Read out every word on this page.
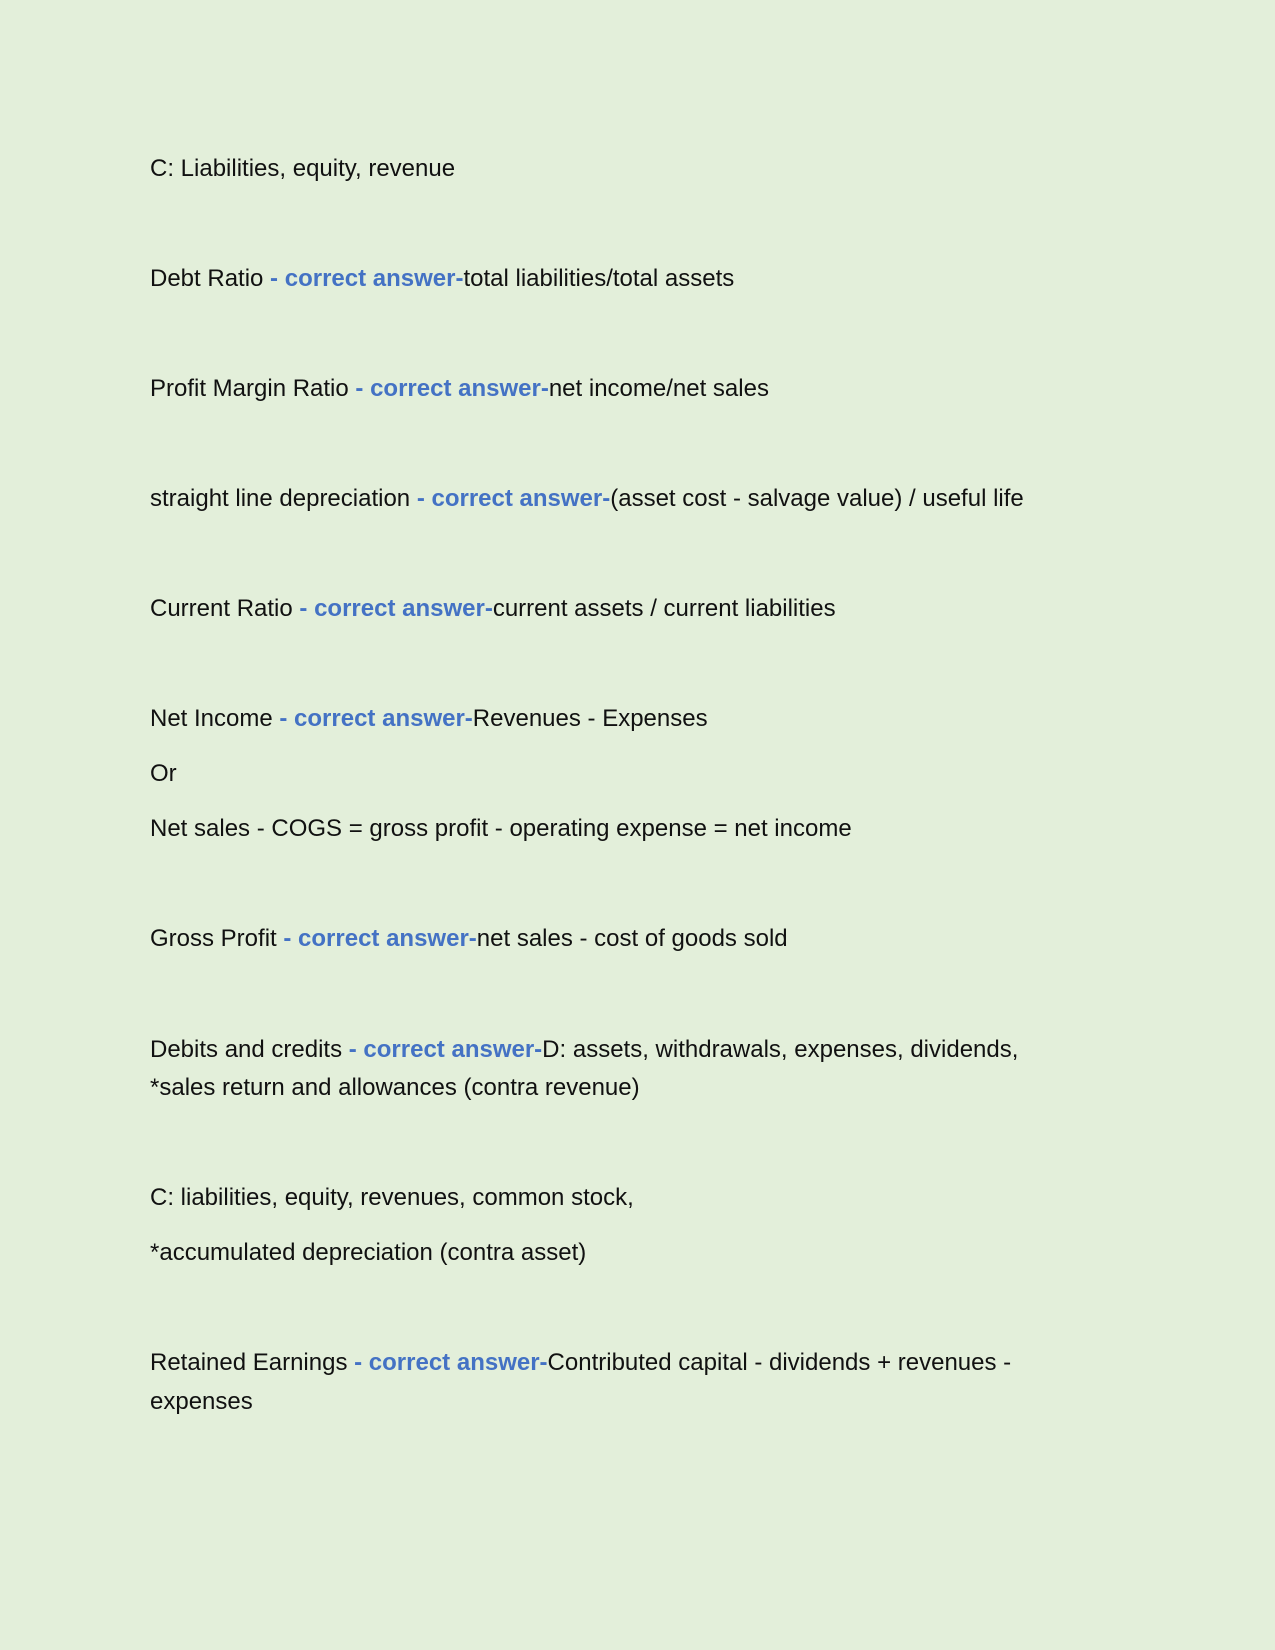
C: Liabilities, equity, revenue
Debt Ratio - correct answer-total liabilities/total assets
Profit Margin Ratio - correct answer-net income/net sales
straight line depreciation - correct answer-(asset cost - salvage value) / useful life
Current Ratio - correct answer-current assets / current liabilities
Net Income - correct answer-Revenues - Expenses
Or
Net sales - COGS = gross profit - operating expense = net income
Gross Profit - correct answer-net sales - cost of goods sold
Debits and credits - correct answer-D: assets, withdrawals, expenses, dividends,
*sales return and allowances (contra revenue)
C: liabilities, equity, revenues, common stock,
*accumulated depreciation (contra asset)
Retained Earnings - correct answer-Contributed capital - dividends + revenues -
expenses
